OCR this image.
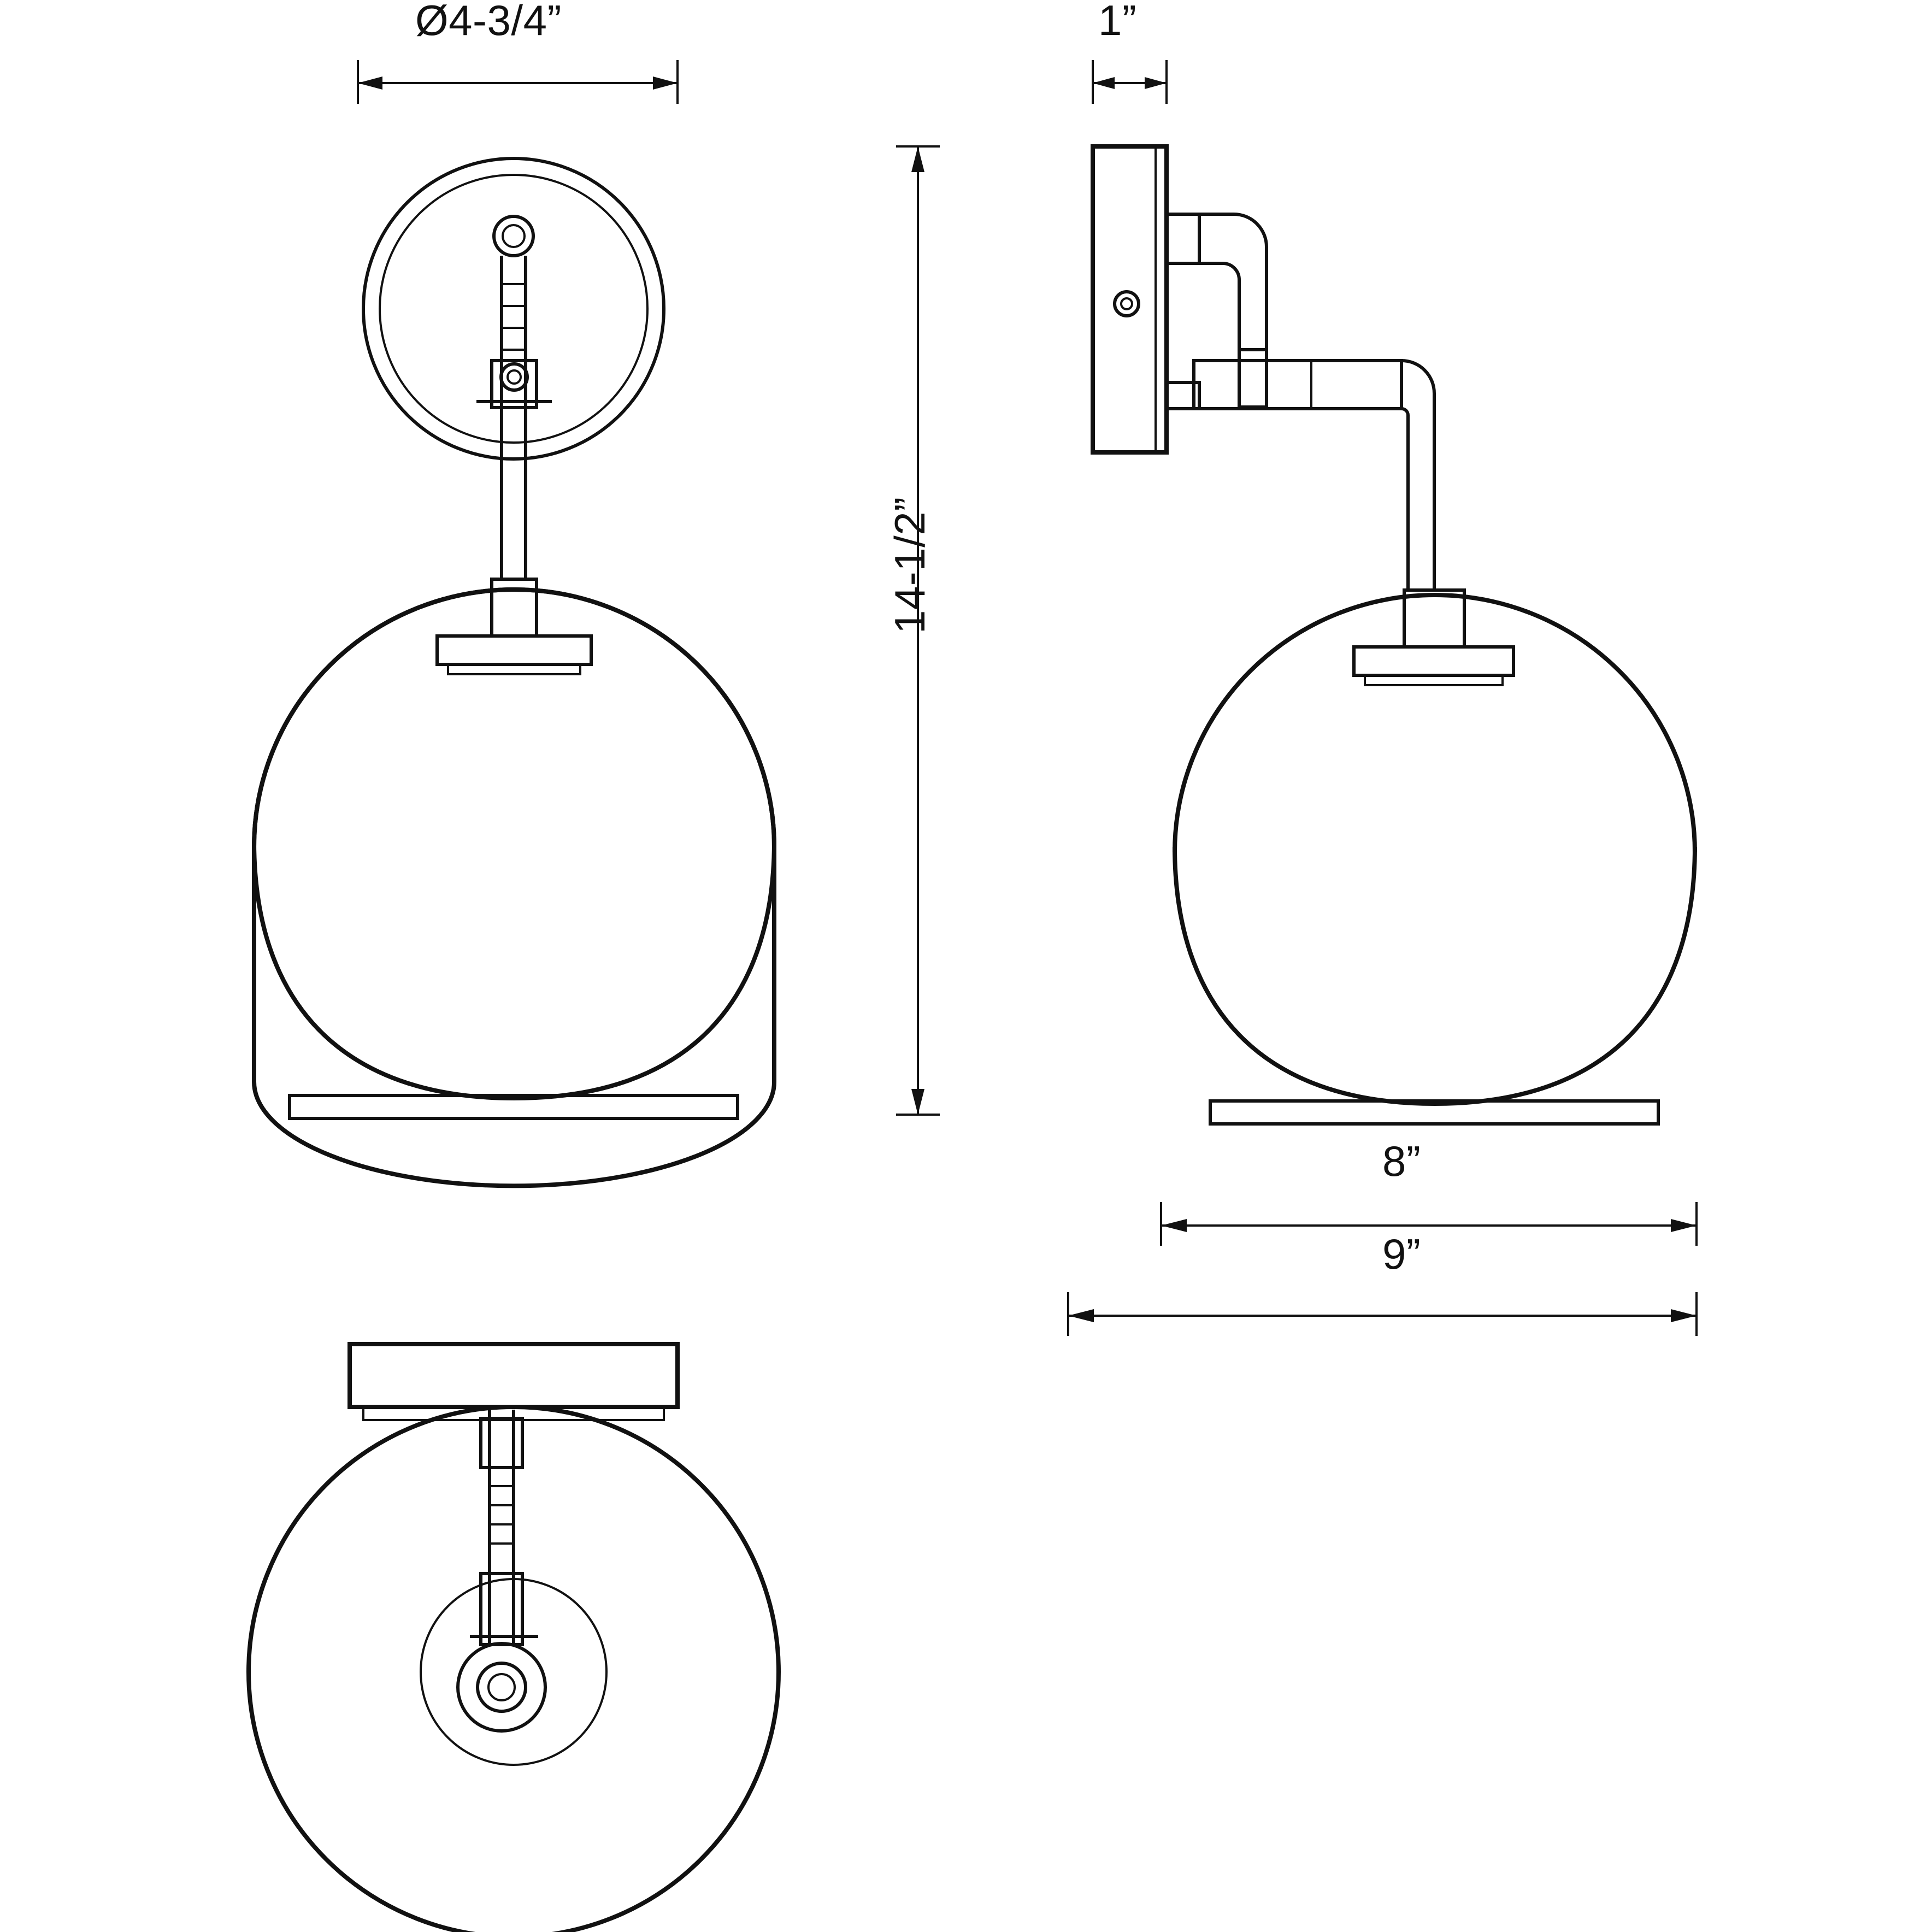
Ø4-3/4”	1”
14-1/2”
8”
9”
